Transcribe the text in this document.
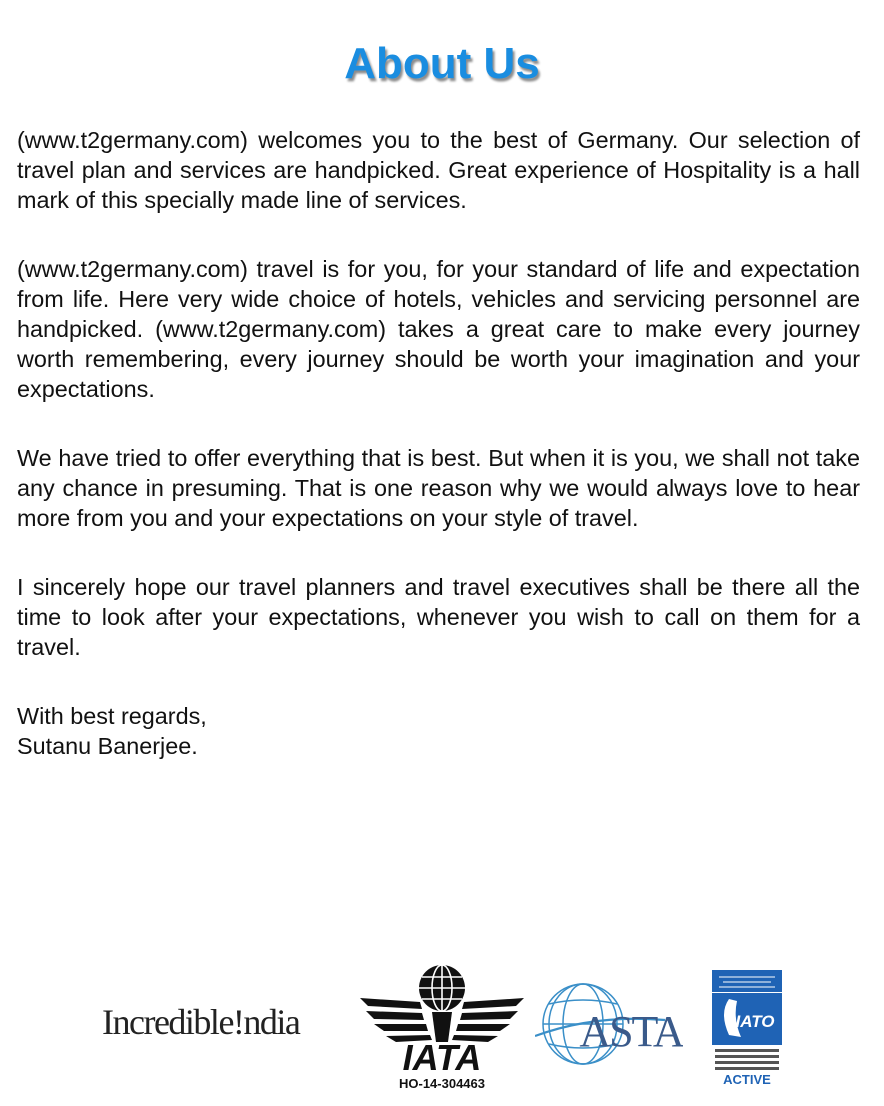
About Us

(www.t2germany.com) welcomes you to the best of Germany. Our selection of travel plan and services are handpicked. Great experience of Hospitality is a hall mark of this specially made line of services.

(www.t2germany.com) travel is for you, for your standard of life and expectation from life. Here very wide choice of hotels, vehicles and servicing personnel are handpicked. (www.t2germany.com) takes a great care to make every journey worth remembering, every journey should be worth your imagination and your expectations.

We have tried to offer everything that is best. But when it is you, we shall not take any chance in presuming. That is one reason why we would always love to hear more from you and your expectations on your style of travel.

I sincerely hope our travel planners and travel executives shall be there all the time to look after your expectations, whenever you wish to call on them for a travel.

With best regards,

Sutanu Banerjee.

Incredible!ndia
IATA
HO-14-304463
ASTA	IATO
ACTIVE
